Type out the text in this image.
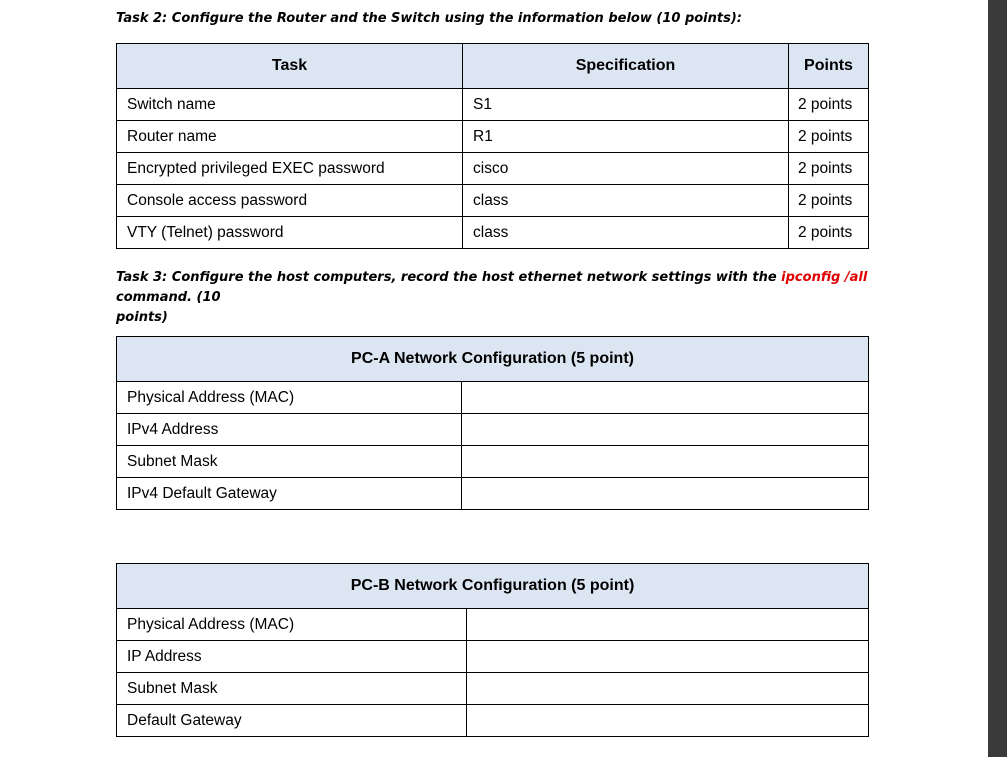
Task 2: Configure the Router and the Switch using the information below (10 points):
Task	Specification	Points
Switch name	S1	2 points
Router name	R1	2 points
Encrypted privileged EXEC password	cisco	2 points
Console access password	class	2 points
VTY (Telnet) password	class	2 points
Task 3: Configure the host computers, record the host ethernet network settings with the ipconfig /all command. (10
points)
PC-A Network Configuration (5 point)	
Physical Address (MAC)	
IPv4 Address	
Subnet Mask	
IPv4 Default Gateway	
PC-B Network Configuration (5 point)	
Physical Address (MAC)	
IP Address	
Subnet Mask	
Default Gateway	
